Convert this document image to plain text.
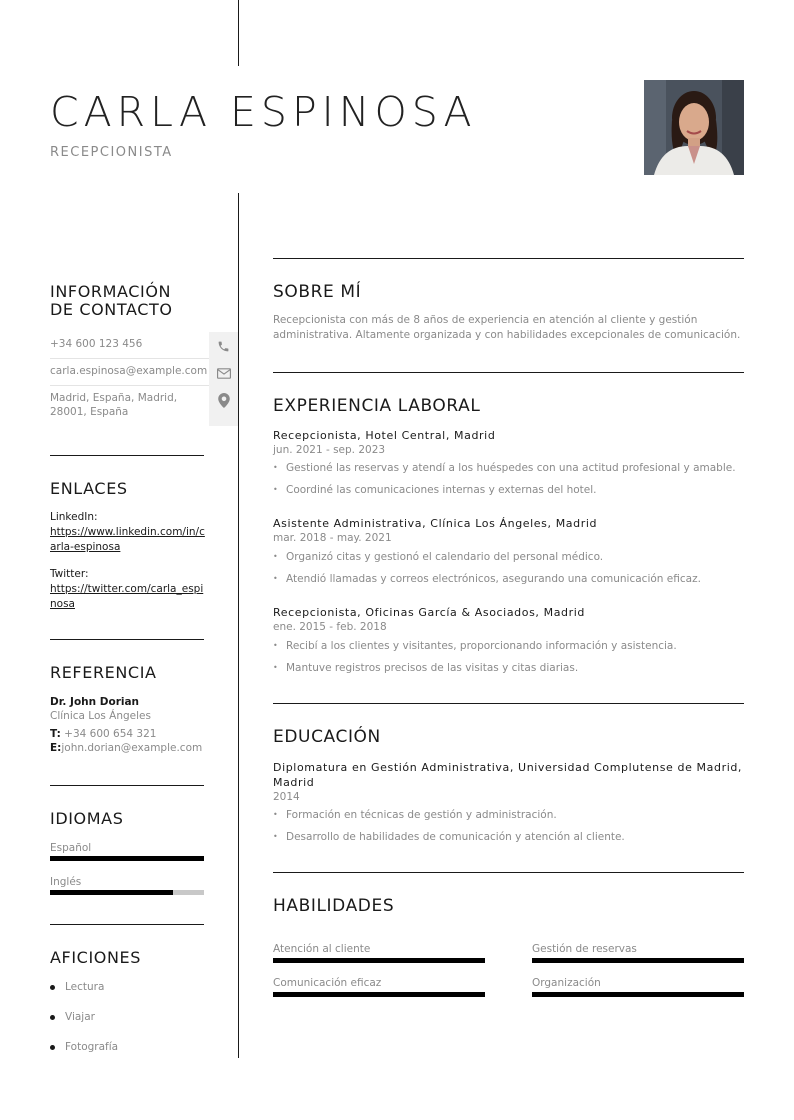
CARLA ESPINOSA
RECEPCIONISTA
INFORMACIÓN
DE CONTACTO
+34 600 123 456
carla.espinosa@example.com
Madrid, España, Madrid, 28001, España
ENLACES
LinkedIn:
https://www.linkedin.com/in/carla-espinosa
Twitter:
https://twitter.com/carla_espinosa
REFERENCIA
Dr. John Dorian
Clínica Los Ángeles
T: +34 600 654 321
E:john.dorian@example.com
IDIOMAS
Español
Inglés
AFICIONES
Lectura
Viajar
Fotografía
SOBRE MÍ
Recepcionista con más de 8 años de experiencia en atención al cliente y gestión administrativa. Altamente organizada y con habilidades excepcionales de comunicación.
EXPERIENCIA LABORAL
Recepcionista, Hotel Central, Madrid
jun. 2021 - sep. 2023
• Gestioné las reservas y atendí a los huéspedes con una actitud profesional y amable.
• Coordiné las comunicaciones internas y externas del hotel.
Asistente Administrativa, Clínica Los Ángeles, Madrid
mar. 2018 - may. 2021
• Organizó citas y gestionó el calendario del personal médico.
• Atendió llamadas y correos electrónicos, asegurando una comunicación eficaz.
Recepcionista, Oficinas García & Asociados, Madrid
ene. 2015 - feb. 2018
• Recibí a los clientes y visitantes, proporcionando información y asistencia.
• Mantuve registros precisos de las visitas y citas diarias.
EDUCACIÓN
Diplomatura en Gestión Administrativa, Universidad Complutense de Madrid, Madrid
2014
• Formación en técnicas de gestión y administración.
• Desarrollo de habilidades de comunicación y atención al cliente.
HABILIDADES
Atención al cliente	Gestión de reservas
Comunicación eficaz	Organización
